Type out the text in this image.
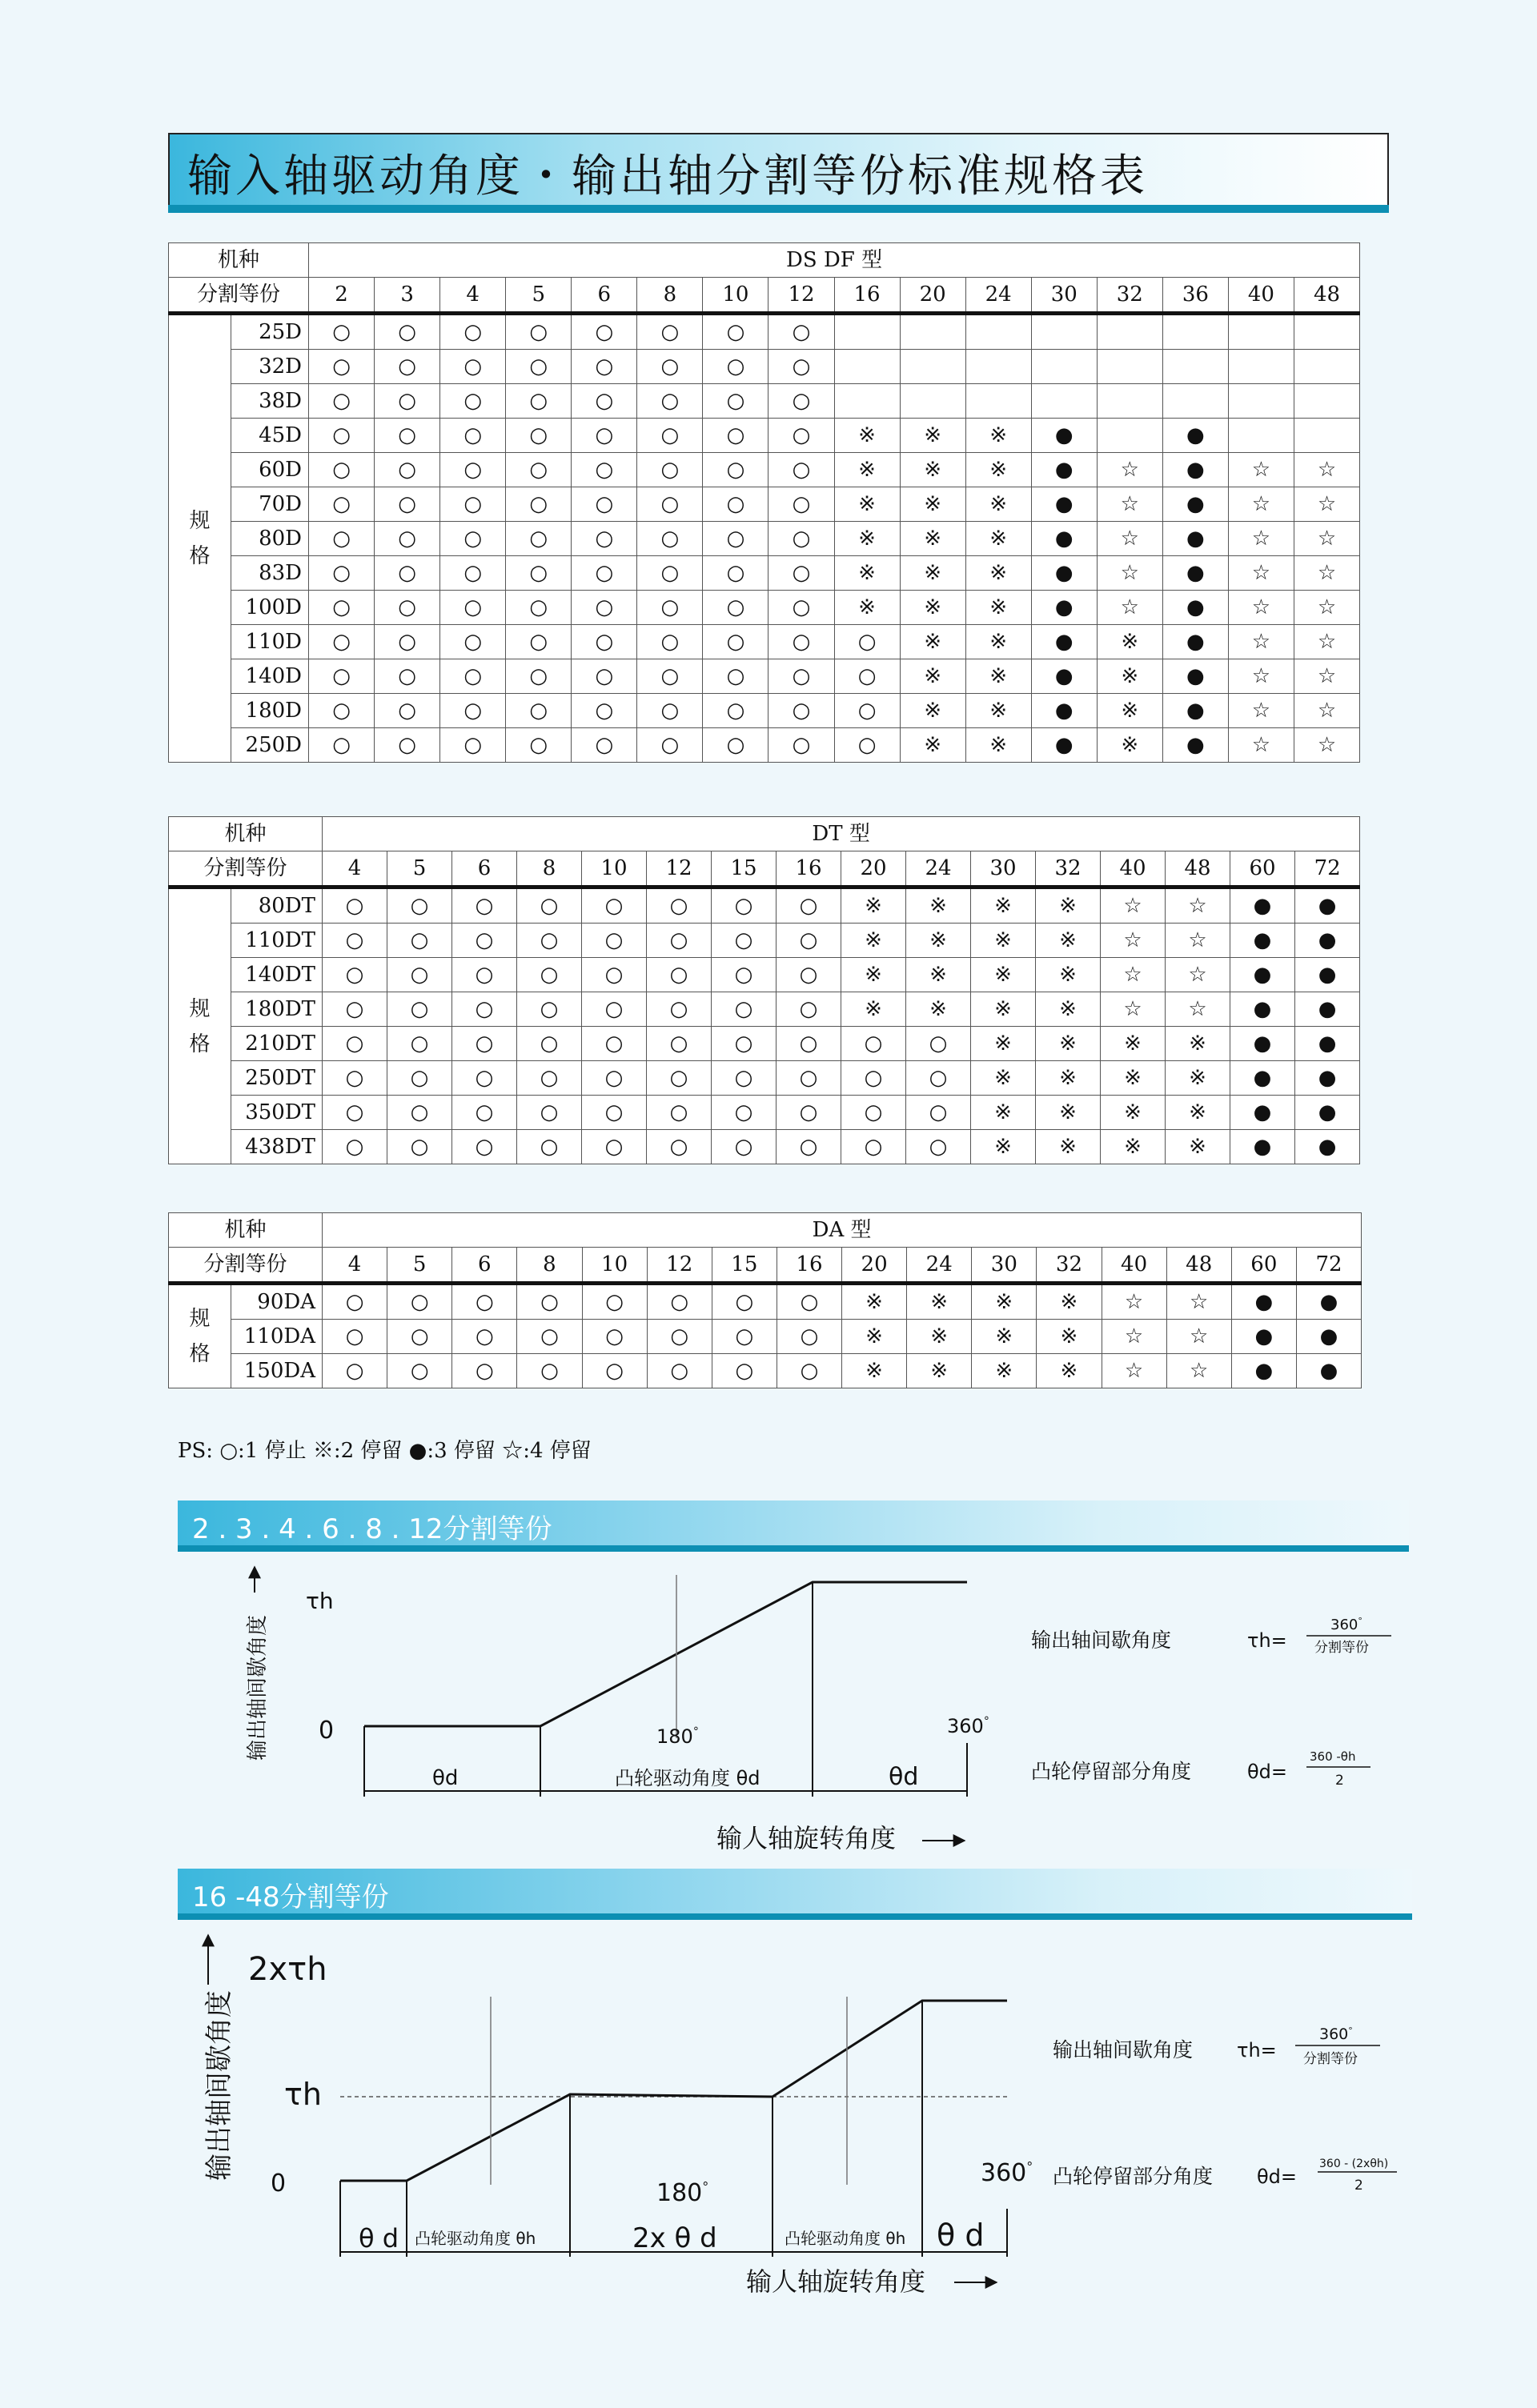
输入轴驱动角度・输出轴分割等份标准规格表
机种		DS DF 型															
分割等份		2	3	4	5	6	8	10	12	16	20	24	30	32	36	40	48

规格	25D	○	○	○	○	○	○	○	○								
	32D	○	○	○	○	○	○	○	○								
	38D	○	○	○	○	○	○	○	○								
	45D	○	○	○	○	○	○	○	○	※	※	※	●		●		
	60D	○	○	○	○	○	○	○	○	※	※	※	●	☆	●	☆	☆
	70D	○	○	○	○	○	○	○	○	※	※	※	●	☆	●	☆	☆
	80D	○	○	○	○	○	○	○	○	※	※	※	●	☆	●	☆	☆
	83D	○	○	○	○	○	○	○	○	※	※	※	●	☆	●	☆	☆
	100D	○	○	○	○	○	○	○	○	※	※	※	●	☆	●	☆	☆
	110D	○	○	○	○	○	○	○	○	○	※	※	●	※	●	☆	☆
	140D	○	○	○	○	○	○	○	○	○	※	※	●	※	●	☆	☆
	180D	○	○	○	○	○	○	○	○	○	※	※	●	※	●	☆	☆
	250D	○	○	○	○	○	○	○	○	○	※	※	●	※	●	☆	☆
机种		DT 型															
分割等份		4	5	6	8	10	12	15	16	20	24	30	32	40	48	60	72

规格	80DT	○	○	○	○	○	○	○	○	※	※	※	※	☆	☆	●	●
	110DT	○	○	○	○	○	○	○	○	※	※	※	※	☆	☆	●	●
	140DT	○	○	○	○	○	○	○	○	※	※	※	※	☆	☆	●	●
	180DT	○	○	○	○	○	○	○	○	※	※	※	※	☆	☆	●	●
	210DT	○	○	○	○	○	○	○	○	○	○	※	※	※	※	●	●
	250DT	○	○	○	○	○	○	○	○	○	○	※	※	※	※	●	●
	350DT	○	○	○	○	○	○	○	○	○	○	※	※	※	※	●	●
	438DT	○	○	○	○	○	○	○	○	○	○	※	※	※	※	●	●
机种		DA 型															
分割等份		4	5	6	8	10	12	15	16	20	24	30	32	40	48	60	72

规格	90DA	○	○	○	○	○	○	○	○	※	※	※	※	☆	☆	●	●
	110DA	○	○	○	○	○	○	○	○	※	※	※	※	☆	☆	●	●
	150DA	○	○	○	○	○	○	○	○	※	※	※	※	☆	☆	●	●
PS: ○:1 停止 ※:2 停留 ●:3 停留 ☆:4 停留
2 . 3 . 4 . 6 . 8 . 12分割等份
输出轴间歇角度
τh
0	180°	360°
θd	凸轮驱动角度 θd	θd
输人轴旋转角度
输出轴间歇角度	τh=
360°
分割等份
凸轮停留部分角度	θd=
360 -θh
2
16 -48分割等份
输出轴间歇角度
2xτh
τh
0	180°	360°
θ d 凸轮驱动角度 θh	2x θ d	凸轮驱动角度 θh θ d
输人轴旋转角度
输出轴间歇角度 τh=
360°
分割等份
凸轮停留部分角度 θd=
360 - (2xθh)
2
